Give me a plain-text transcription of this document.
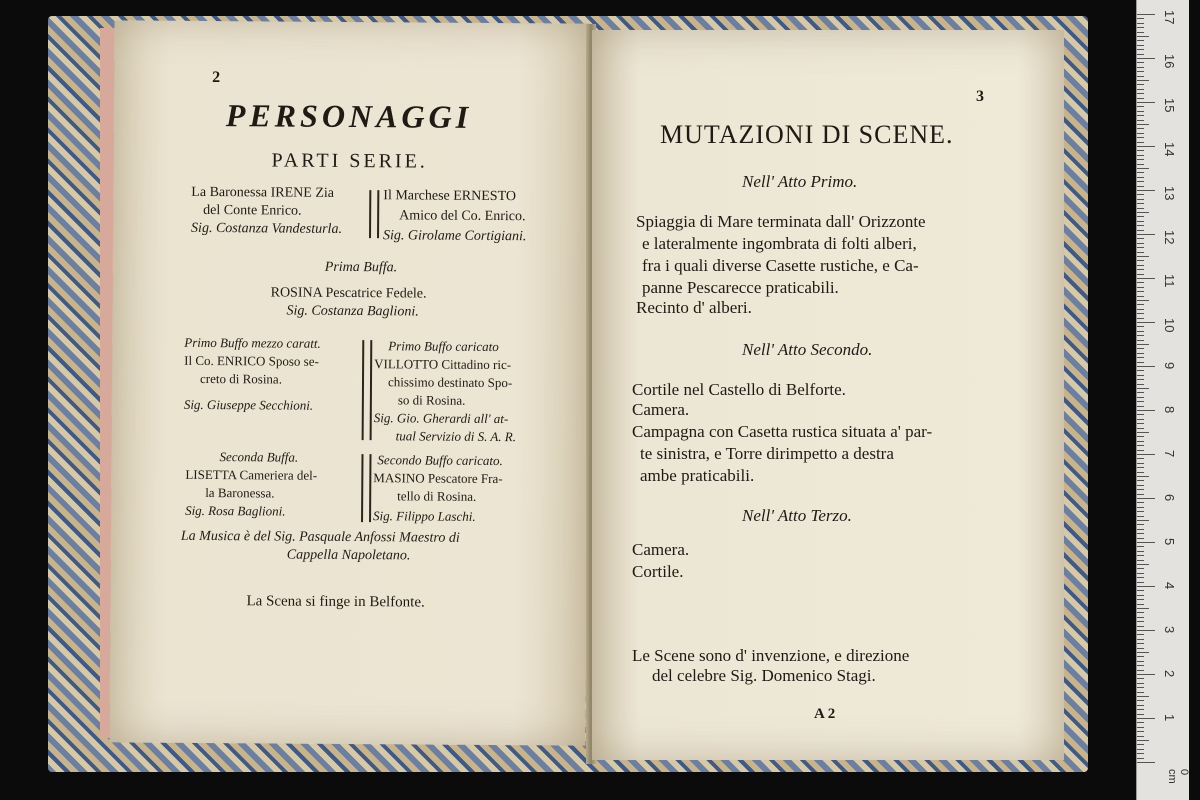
2
PERSONAGGI
PARTI SERIE.
La Baronessa IRENE Zia
del Conte Enrico.
Sig. Costanza Vandesturla.
Il Marchese ERNESTO
Amico del Co. Enrico.
Sig. Girolame Cortigiani.
Prima Buffa.
ROSINA Pescatrice Fedele.
Sig. Costanza Baglioni.
Primo Buffo mezzo caratt.
Il Co. ENRICO Sposo se-
creto di Rosina.
Sig. Giuseppe Secchioni.
Primo Buffo caricato
VILLOTTO Cittadino ric-
chissimo destinato Spo-
so di Rosina.
Sig. Gio. Gherardi all' at-
tual Servizio di S. A. R.
Seconda Buffa.
LISETTA Cameriera del-
la Baronessa.
Sig. Rosa Baglioni.
Secondo Buffo caricato.
MASINO Pescatore Fra-
tello di Rosina.
Sig. Filippo Laschi.
La Musica è del Sig. Pasquale Anfossi Maestro di
Cappella Napoletano.
La Scena si finge in Belfonte.
3
MUTAZIONI DI SCENE.
Nell' Atto Primo.
Spiaggia di Mare terminata dall' Orizzonte
e lateralmente ingombrata di folti alberi,
fra i quali diverse Casette rustiche, e Ca-
panne Pescarecce praticabili.
Recinto d' alberi.
Nell' Atto Secondo.
Cortile nel Castello di Belforte.
Camera.
Campagna con Casetta rustica situata a' par-
te sinistra, e Torre dirimpetto a destra
ambe praticabili.
Nell' Atto Terzo.
Camera.
Cortile.
Le Scene sono d' invenzione, e direzione
del celebre Sig. Domenico Stagi.
A 2
17
16
15
14
13
12
11
10
9
8
7
6
5
4
3
2
1
0 cm
